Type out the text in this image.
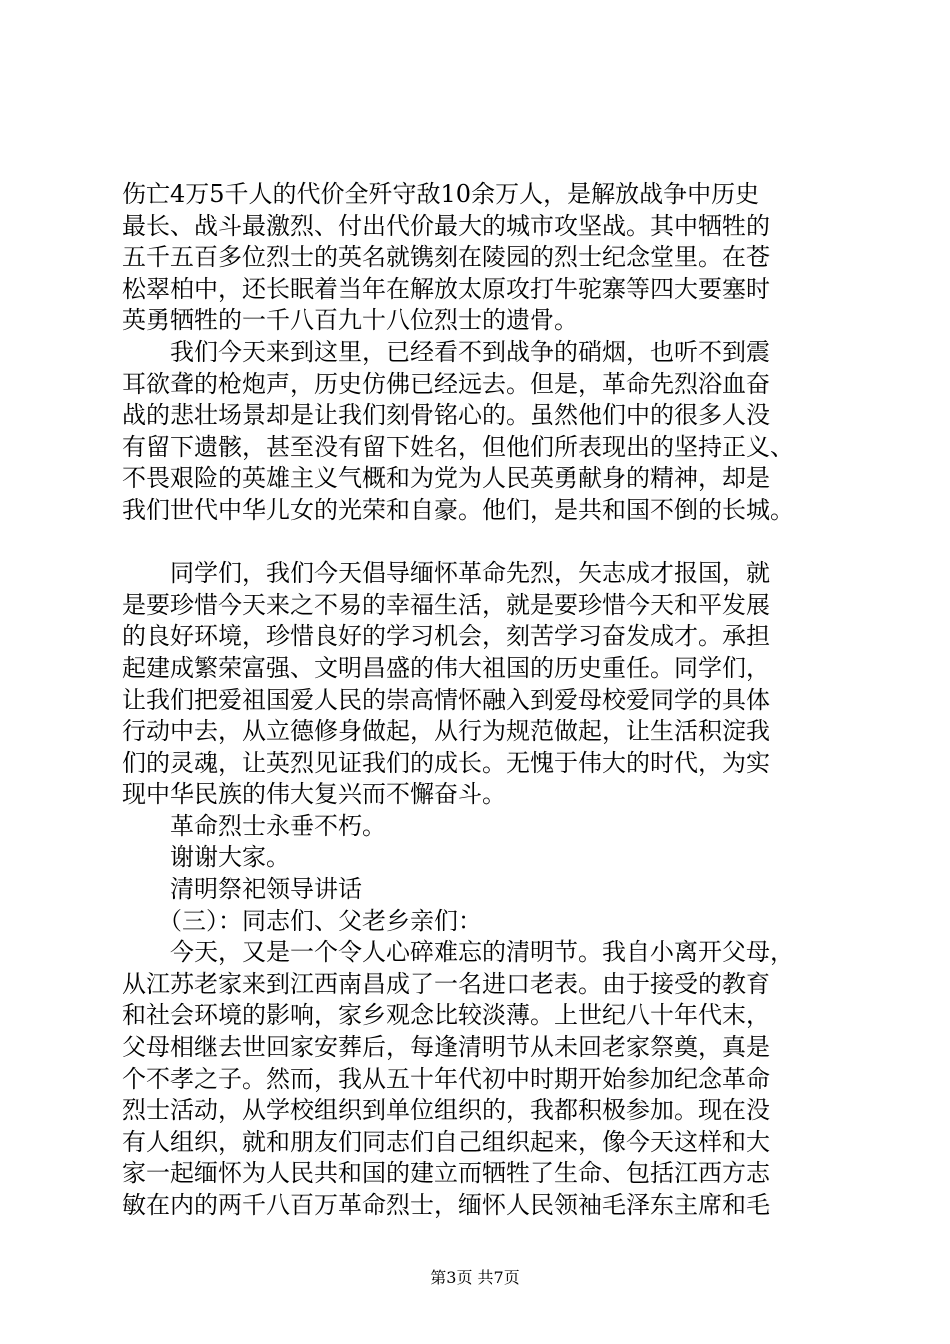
伤亡4万5千人的代价全歼守敌10余万人，是解放战争中历史
最长、战斗最激烈、付出代价最大的城市攻坚战。其中牺牲的
五千五百多位烈士的英名就镌刻在陵园的烈士纪念堂里。在苍
松翠柏中，还长眠着当年在解放太原攻打牛驼寨等四大要塞时
英勇牺牲的一千八百九十八位烈士的遗骨。
　　我们今天来到这里，已经看不到战争的硝烟，也听不到震
耳欲聋的枪炮声，历史仿佛已经远去。但是，革命先烈浴血奋
战的悲壮场景却是让我们刻骨铭心的。虽然他们中的很多人没
有留下遗骸，甚至没有留下姓名，但他们所表现出的坚持正义、
不畏艰险的英雄主义气概和为党为人民英勇献身的精神，却是
我们世代中华儿女的光荣和自豪。他们，是共和国不倒的长城。
　　同学们，我们今天倡导缅怀革命先烈，矢志成才报国，就
是要珍惜今天来之不易的幸福生活，就是要珍惜今天和平发展
的良好环境，珍惜良好的学习机会，刻苦学习奋发成才。承担
起建成繁荣富强、文明昌盛的伟大祖国的历史重任。同学们，
让我们把爱祖国爱人民的崇高情怀融入到爱母校爱同学的具体
行动中去，从立德修身做起，从行为规范做起，让生活积淀我
们的灵魂，让英烈见证我们的成长。无愧于伟大的时代，为实
现中华民族的伟大复兴而不懈奋斗。
　　革命烈士永垂不朽。
　　谢谢大家。
　　清明祭祀领导讲话
　　（三）：同志们、父老乡亲们：
　　今天，又是一个令人心碎难忘的清明节。我自小离开父母，
从江苏老家来到江西南昌成了一名进口老表。由于接受的教育
和社会环境的影响，家乡观念比较淡薄。上世纪八十年代末，
父母相继去世回家安葬后，每逢清明节从未回老家祭奠，真是
个不孝之子。然而，我从五十年代初中时期开始参加纪念革命
烈士活动，从学校组织到单位组织的，我都积极参加。现在没
有人组织，就和朋友们同志们自己组织起来，像今天这样和大
家一起缅怀为人民共和国的建立而牺牲了生命、包括江西方志
敏在内的两千八百万革命烈士，缅怀人民领袖毛泽东主席和毛
第3页 共7页
